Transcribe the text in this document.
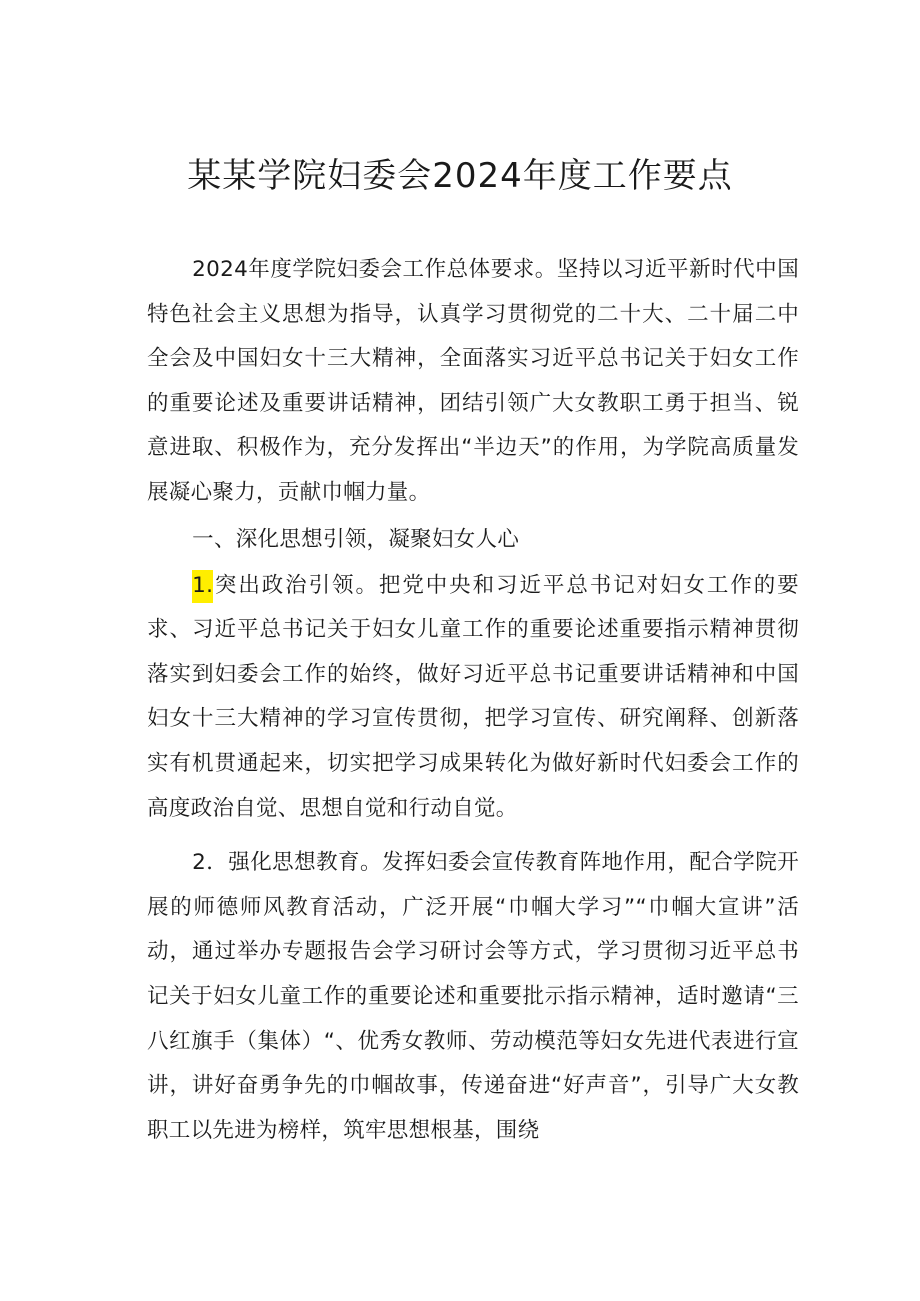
某某学院妇委会2024年度工作要点

2024年度学院妇委会工作总体要求。坚持以习近平新时代中国特色社会主义思想为指导，认真学习贯彻党的二十大、二十届二中全会及中国妇女十三大精神，全面落实习近平总书记关于妇女工作的重要论述及重要讲话精神，团结引领广大女教职工勇于担当、锐意进取、积极作为，充分发挥出“半边天”的作用，为学院高质量发展凝心聚力，贡献巾帼力量。

一、深化思想引领，凝聚妇女人心

1.突出政治引领。把党中央和习近平总书记对妇女工作的要求、习近平总书记关于妇女儿童工作的重要论述重要指示精神贯彻落实到妇委会工作的始终，做好习近平总书记重要讲话精神和中国妇女十三大精神的学习宣传贯彻，把学习宣传、研究阐释、创新落实有机贯通起来，切实把学习成果转化为做好新时代妇委会工作的高度政治自觉、思想自觉和行动自觉。

2．强化思想教育。发挥妇委会宣传教育阵地作用，配合学院开展的师德师风教育活动，广泛开展“巾帼大学习”“巾帼大宣讲”活动，通过举办专题报告会学习研讨会等方式，学习贯彻习近平总书记关于妇女儿童工作的重要论述和重要批示指示精神，适时邀请“三八红旗手（集体）“、优秀女教师、劳动模范等妇女先进代表进行宣讲，讲好奋勇争先的巾帼故事，传递奋进“好声音”，引导广大女教职工以先进为榜样，筑牢思想根基，围绕
